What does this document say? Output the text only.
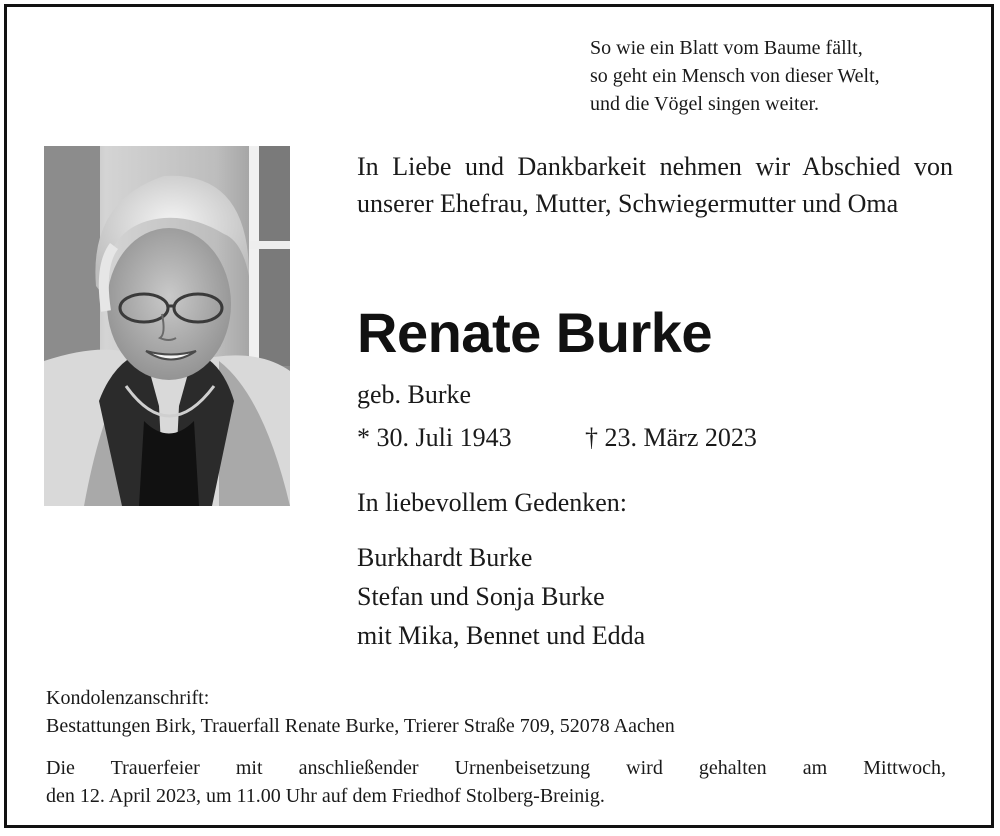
So wie ein Blatt vom Baume fällt,
so geht ein Mensch von dieser Welt,
und die Vögel singen weiter.
In Liebe und Dankbarkeit nehmen wir Abschied von unserer Ehefrau, Mutter, Schwiegermutter und Oma
Renate Burke
geb. Burke
* 30. Juli 1943	† 23. März 2023
In liebevollem Gedenken:
Burkhardt Burke
Stefan und Sonja Burke
mit Mika, Bennet und Edda
Kondolenzanschrift:
Bestattungen Birk, Trauerfall Renate Burke, Trierer Straße 709, 52078 Aachen
Die Trauerfeier mit anschließender Urnenbeisetzung wird gehalten am Mittwoch,
den 12. April 2023, um 11.00 Uhr auf dem Friedhof Stolberg-Breinig.
